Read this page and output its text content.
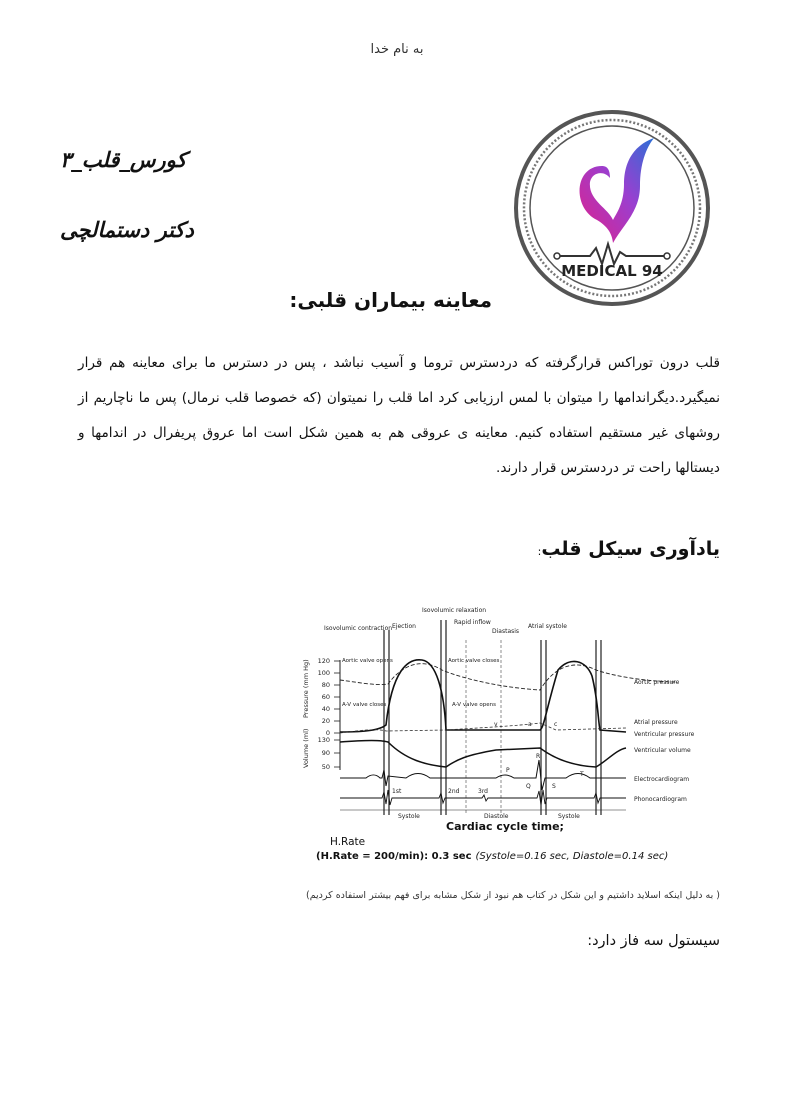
به نام خدا
کورس_قلب_۳
دکتر دستمالچی
MEDICAL 94
معاینه بیماران قلبی:
قلب درون توراکس قرارگرفته که دردسترس تروما و آسیب نباشد ، پس در دسترس ما برای معاینه هم قرار نمیگیرد.دیگراندامها را میتوان با لمس ارزیابی کرد اما قلب را نمیتوان (که خصوصا قلب نرمال) پس ما ناچاریم از روشهای غیر مستقیم استفاده کنیم. معاینه ی عروقی هم به همین شکل است اما عروق پریفرال در اندامها و دیستالها راحت تر دردسترس قرار دارند.
یادآوری سیکل قلب:
120
100
80
60
40
20
0
130
90
50
Pressure (mm Hg)
Volume (ml)
Isovolumic contraction Ejection
Isovolumic relaxation
Rapid inflow
Diastasis
Atrial systole
Aortic valve opens	Aortic valve closes
A-V valve closes	A-V valve opens
Aortic pressure
Atrial pressure
Ventricular pressure
Ventricular volume
Electrocardiogram
Phonocardiogram
a	c
v
R
P
Q	S
T
1st	2nd	3rd
Systole	Diastole	Systole
Cardiac cycle time;
H.Rate
(H.Rate = 200/min): 0.3 sec (Systole=0.16 sec, Diastole=0.14 sec)
( به دلیل اینکه اسلاید داشتیم و این شکل در کتاب هم نبود از شکل مشابه برای فهم بیشتر استفاده کردیم)
سیستول سه فاز دارد:
